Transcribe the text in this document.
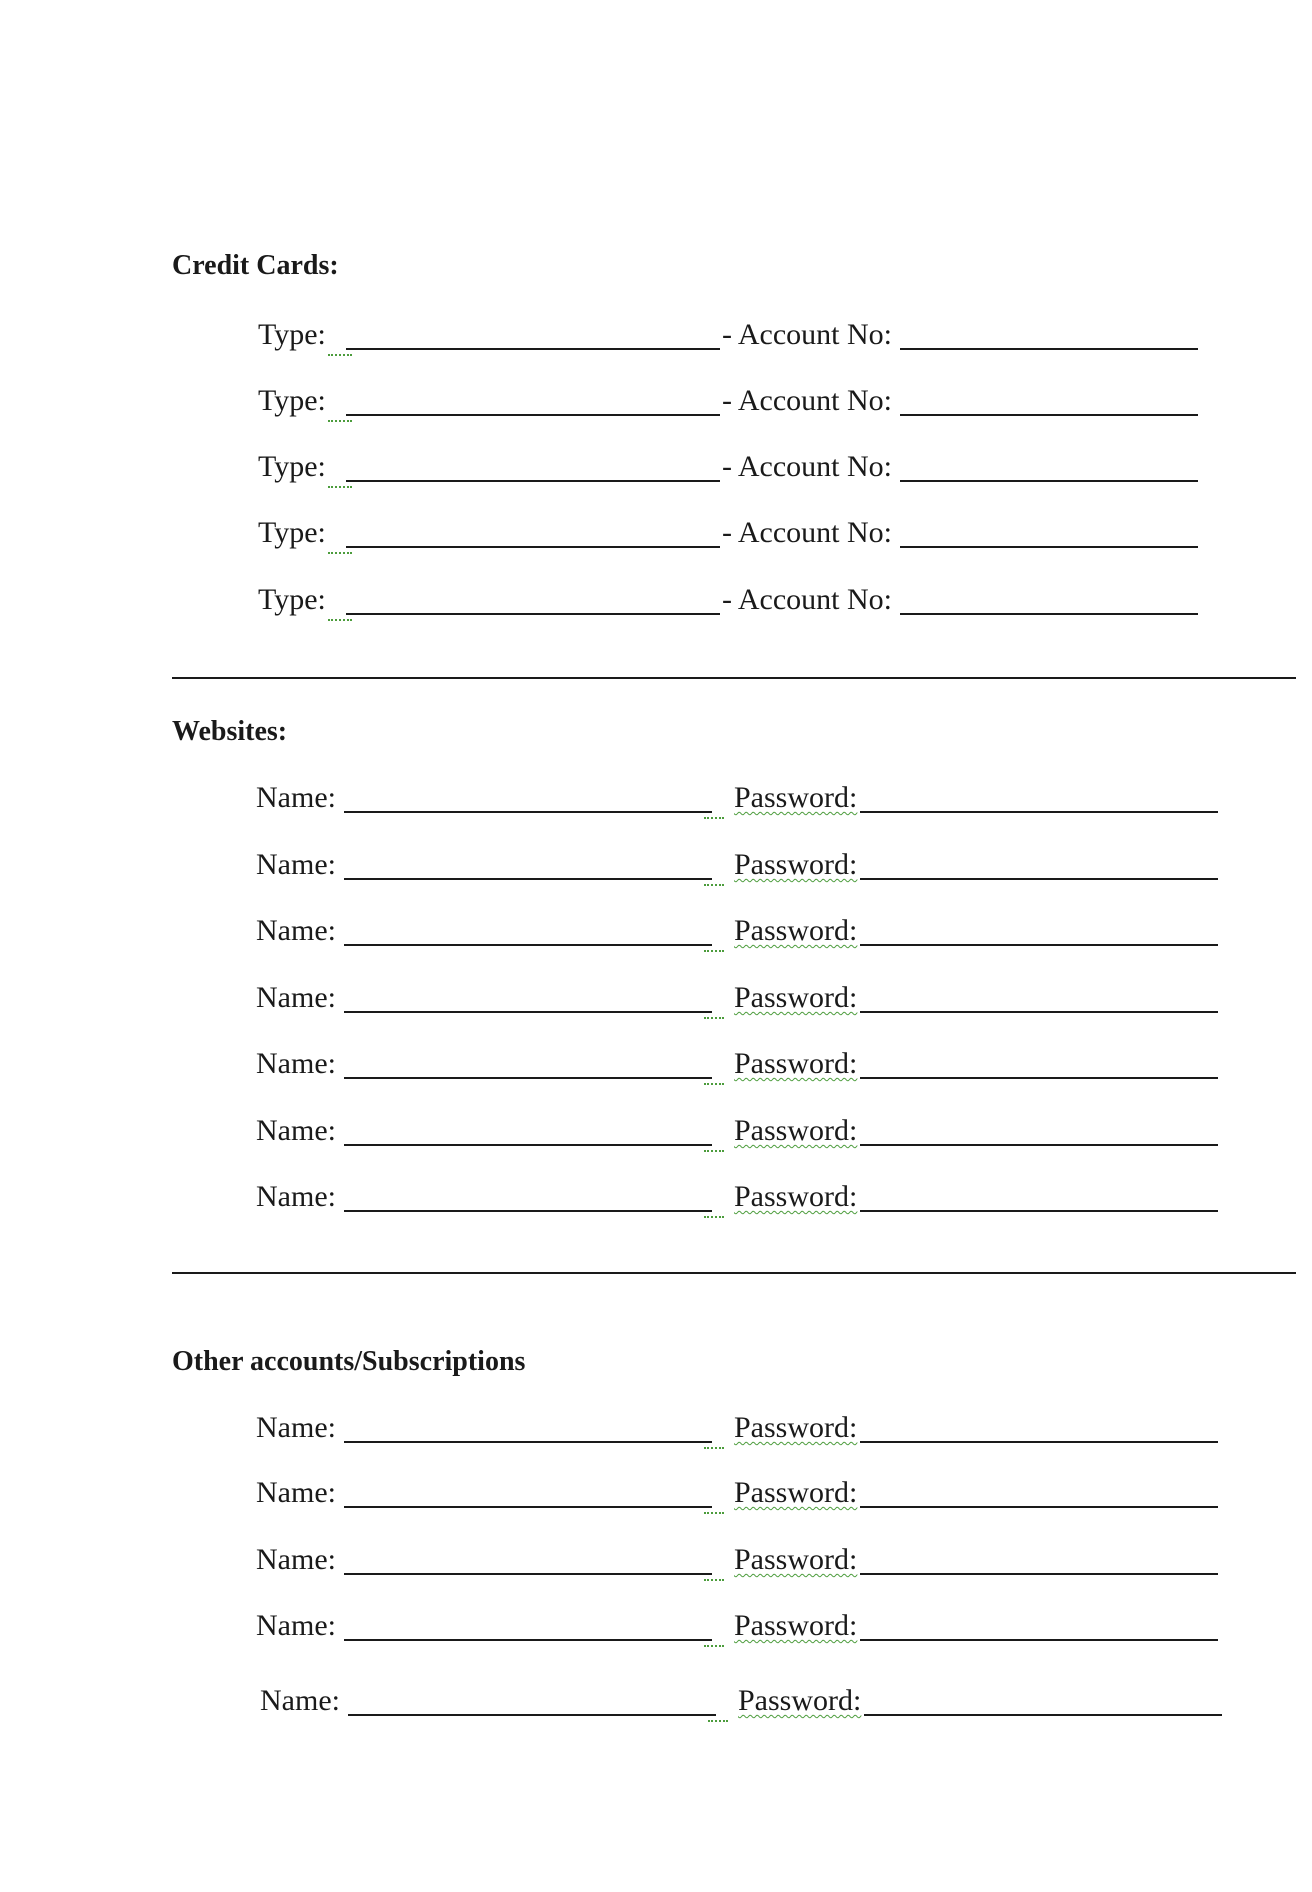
Credit Cards:
Type:	- Account No:
Type:	- Account No:
Type:	- Account No:
Type:	- Account No:
Type:	- Account No:
Websites:
Name:	Password:
Name:	Password:
Name:	Password:
Name:	Password:
Name:	Password:
Name:	Password:
Name:	Password:
Other accounts/Subscriptions
Name:	Password:
Name:	Password:
Name:	Password:
Name:	Password:
Name:	Password:
